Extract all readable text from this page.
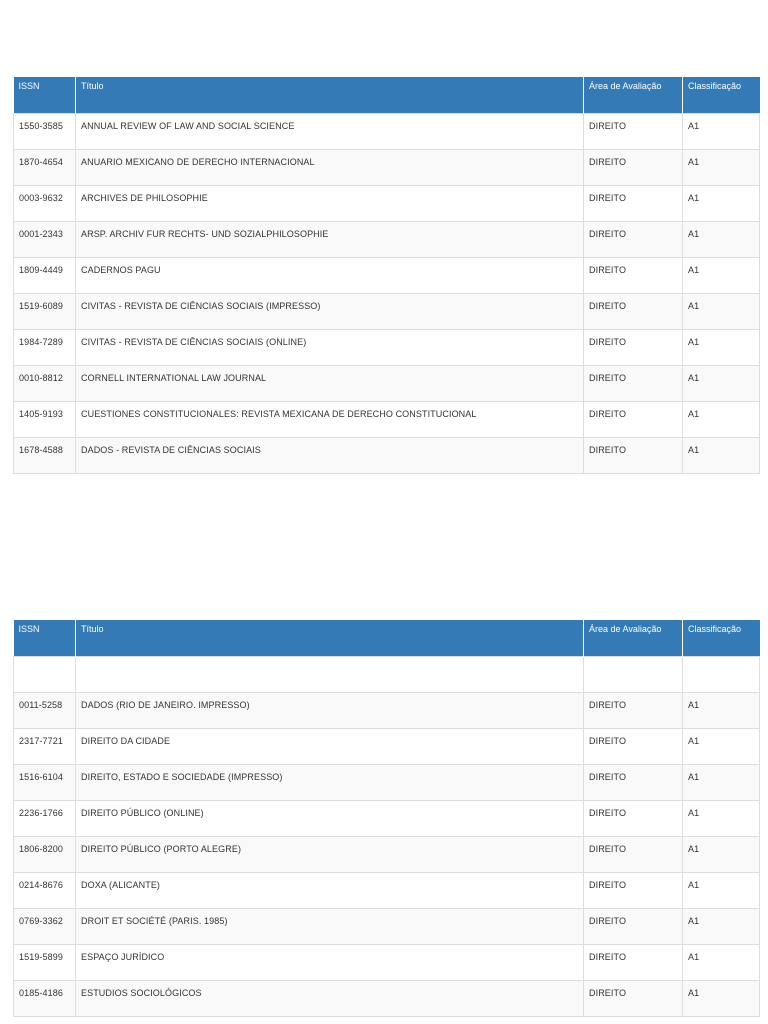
ISSN	Título	Área de Avaliação	Classificação
1550-3585	ANNUAL REVIEW OF LAW AND SOCIAL SCIENCE	DIREITO	A1
1870-4654	ANUARIO MEXICANO DE DERECHO INTERNACIONAL	DIREITO	A1
0003-9632	ARCHIVES DE PHILOSOPHIE	DIREITO	A1
0001-2343	ARSP. ARCHIV FUR RECHTS- UND SOZIALPHILOSOPHIE	DIREITO	A1
1809-4449	CADERNOS PAGU	DIREITO	A1
1519-6089	CIVITAS - REVISTA DE CIÊNCIAS SOCIAIS (IMPRESSO)	DIREITO	A1
1984-7289	CIVITAS - REVISTA DE CIÊNCIAS SOCIAIS (ONLINE)	DIREITO	A1
0010-8812	CORNELL INTERNATIONAL LAW JOURNAL	DIREITO	A1
1405-9193	CUESTIONES CONSTITUCIONALES: REVISTA MEXICANA DE DERECHO CONSTITUCIONAL	DIREITO	A1
1678-4588	DADOS - REVISTA DE CIÊNCIAS SOCIAIS	DIREITO	A1
ISSN	Título	Área de Avaliação	Classificação

0011-5258	DADOS (RIO DE JANEIRO. IMPRESSO)	DIREITO	A1
2317-7721	DIREITO DA CIDADE	DIREITO	A1
1516-6104	DIREITO, ESTADO E SOCIEDADE (IMPRESSO)	DIREITO	A1
2236-1766	DIREITO PÚBLICO (ONLINE)	DIREITO	A1
1806-8200	DIREITO PÚBLICO (PORTO ALEGRE)	DIREITO	A1
0214-8676	DOXA (ALICANTE)	DIREITO	A1
0769-3362	DROIT ET SOCIÉTÉ (PARIS. 1985)	DIREITO	A1
1519-5899	ESPAÇO JURÍDICO	DIREITO	A1
0185-4186	ESTUDIOS SOCIOLÓGICOS	DIREITO	A1
